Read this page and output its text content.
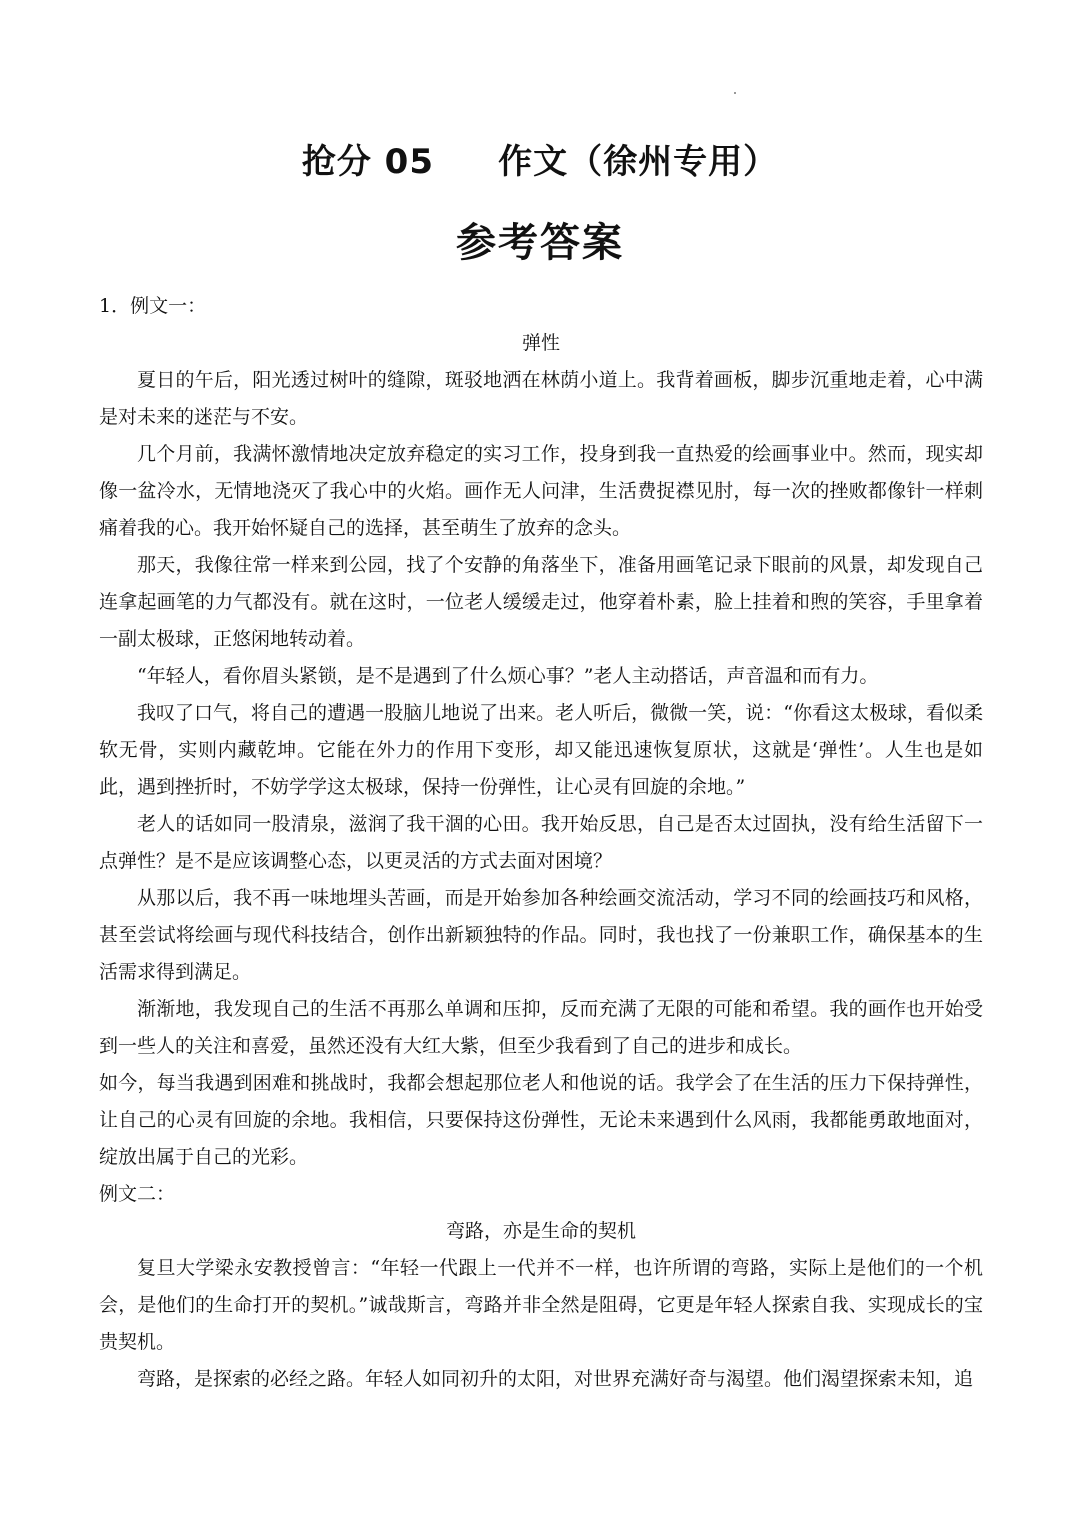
抢分 05     作文（徐州专用）
参考答案

1．例文一：

弹性

夏日的午后，阳光透过树叶的缝隙，斑驳地洒在林荫小道上。我背着画板，脚步沉重地走着，心中满是对未来的迷茫与不安。

几个月前，我满怀激情地决定放弃稳定的实习工作，投身到我一直热爱的绘画事业中。然而，现实却像一盆冷水，无情地浇灭了我心中的火焰。画作无人问津，生活费捉襟见肘，每一次的挫败都像针一样刺痛着我的心。我开始怀疑自己的选择，甚至萌生了放弃的念头。

那天，我像往常一样来到公园，找了个安静的角落坐下，准备用画笔记录下眼前的风景，却发现自己连拿起画笔的力气都没有。就在这时，一位老人缓缓走过，他穿着朴素，脸上挂着和煦的笑容，手里拿着一副太极球，正悠闲地转动着。

“年轻人，看你眉头紧锁，是不是遇到了什么烦心事？”老人主动搭话，声音温和而有力。

我叹了口气，将自己的遭遇一股脑儿地说了出来。老人听后，微微一笑，说：“你看这太极球，看似柔软无骨，实则内藏乾坤。它能在外力的作用下变形，却又能迅速恢复原状，这就是‘弹性’。人生也是如此，遇到挫折时，不妨学学这太极球，保持一份弹性，让心灵有回旋的余地。”

老人的话如同一股清泉，滋润了我干涸的心田。我开始反思，自己是否太过固执，没有给生活留下一点弹性？是不是应该调整心态，以更灵活的方式去面对困境？

从那以后，我不再一味地埋头苦画，而是开始参加各种绘画交流活动，学习不同的绘画技巧和风格，甚至尝试将绘画与现代科技结合，创作出新颖独特的作品。同时，我也找了一份兼职工作，确保基本的生活需求得到满足。

渐渐地，我发现自己的生活不再那么单调和压抑，反而充满了无限的可能和希望。我的画作也开始受到一些人的关注和喜爱，虽然还没有大红大紫，但至少我看到了自己的进步和成长。

如今，每当我遇到困难和挑战时，我都会想起那位老人和他说的话。我学会了在生活的压力下保持弹性，让自己的心灵有回旋的余地。我相信，只要保持这份弹性，无论未来遇到什么风雨，我都能勇敢地面对，绽放出属于自己的光彩。

例文二：

弯路，亦是生命的契机

复旦大学梁永安教授曾言：“年轻一代跟上一代并不一样，也许所谓的弯路，实际上是他们的一个机会，是他们的生命打开的契机。”诚哉斯言，弯路并非全然是阻碍，它更是年轻人探索自我、实现成长的宝贵契机。

弯路，是探索的必经之路。年轻人如同初升的太阳，对世界充满好奇与渴望。他们渴望探索未知，追
